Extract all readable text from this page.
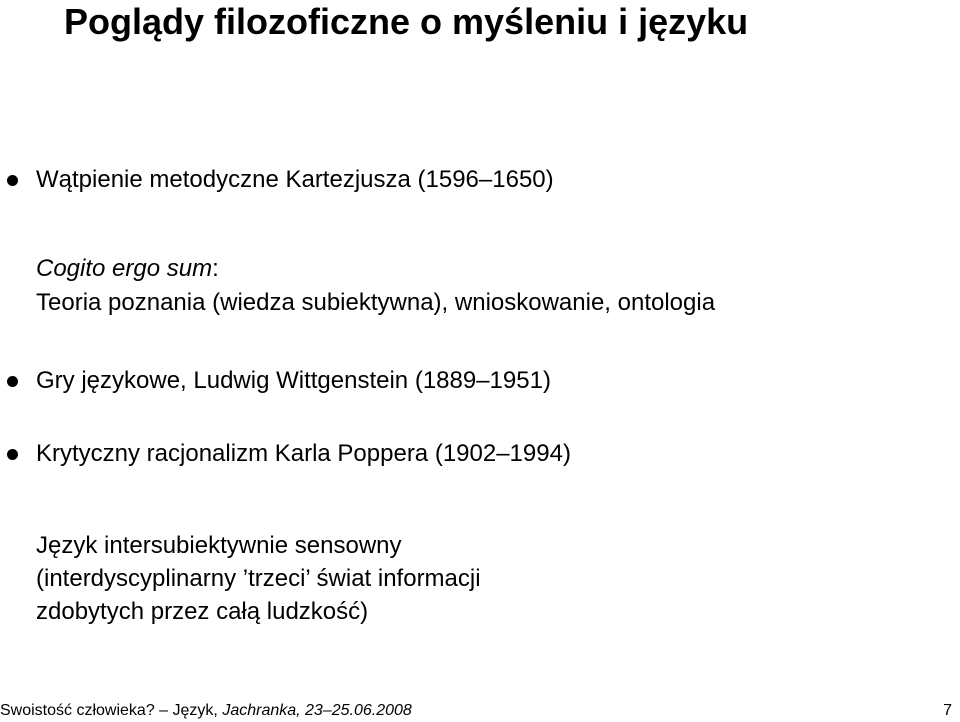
Poglądy filozoficzne o myśleniu i języku
Wątpienie metodyczne Kartezjusza (1596–1650)
Cogito ergo sum:
Teoria poznania (wiedza subiektywna), wnioskowanie, ontologia
Gry językowe, Ludwig Wittgenstein (1889–1951)
Krytyczny racjonalizm Karla Poppera (1902–1994)
Język intersubiektywnie sensowny
(interdyscyplinarny ’trzeci’ świat informacji
zdobytych przez całą ludzkość)
Swoistość człowieka? – Język, Jachranka, 23–25.06.2008	7
